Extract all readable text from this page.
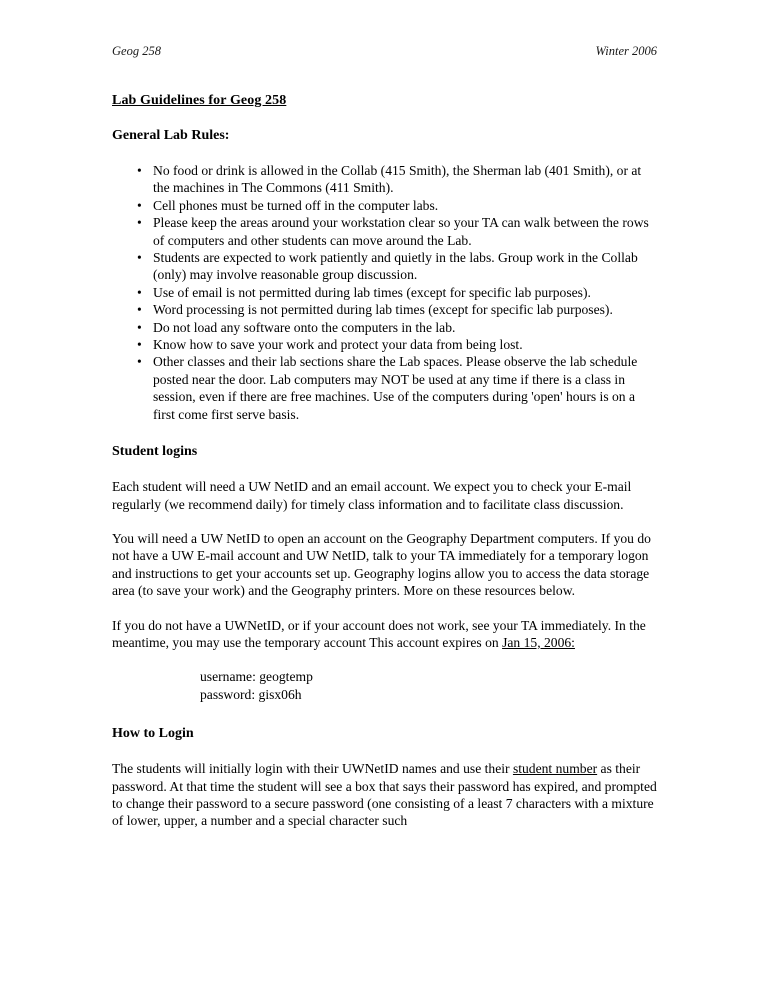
Geog 258	Winter 2006
Lab Guidelines for Geog 258
General Lab Rules:
• No food or drink is allowed in the Collab (415 Smith), the Sherman lab (401 Smith), or at the machines in The Commons (411 Smith).
• Cell phones must be turned off in the computer labs.
• Please keep the areas around your workstation clear so your TA can walk between the rows of computers and other students can move around the Lab.
• Students are expected to work patiently and quietly in the labs. Group work in the Collab (only) may involve reasonable group discussion.
• Use of email is not permitted during lab times (except for specific lab purposes).
• Word processing is not permitted during lab times (except for specific lab purposes).
• Do not load any software onto the computers in the lab.
• Know how to save your work and protect your data from being lost.
• Other classes and their lab sections share the Lab spaces. Please observe the lab schedule posted near the door. Lab computers may NOT be used at any time if there is a class in session, even if there are free machines. Use of the computers during 'open' hours is on a first come first serve basis.
Student logins

Each student will need a UW NetID and an email account. We expect you to check your E-mail regularly (we recommend daily) for timely class information and to facilitate class discussion.

You will need a UW NetID to open an account on the Geography Department computers. If you do not have a UW E-mail account and UW NetID, talk to your TA immediately for a temporary logon and instructions to get your accounts set up. Geography logins allow you to access the data storage area (to save your work) and the Geography printers. More on these resources below.

If you do not have a UWNetID, or if your account does not work, see your TA immediately. In the meantime, you may use the temporary account This account expires on Jan 15, 2006:

username: geogtemp
password: gisx06h
How to Login

The students will initially login with their UWNetID names and use their student number as their password. At that time the student will see a box that says their password has expired, and prompted to change their password to a secure password (one consisting of a least 7 characters with a mixture of lower, upper, a number and a special character such
